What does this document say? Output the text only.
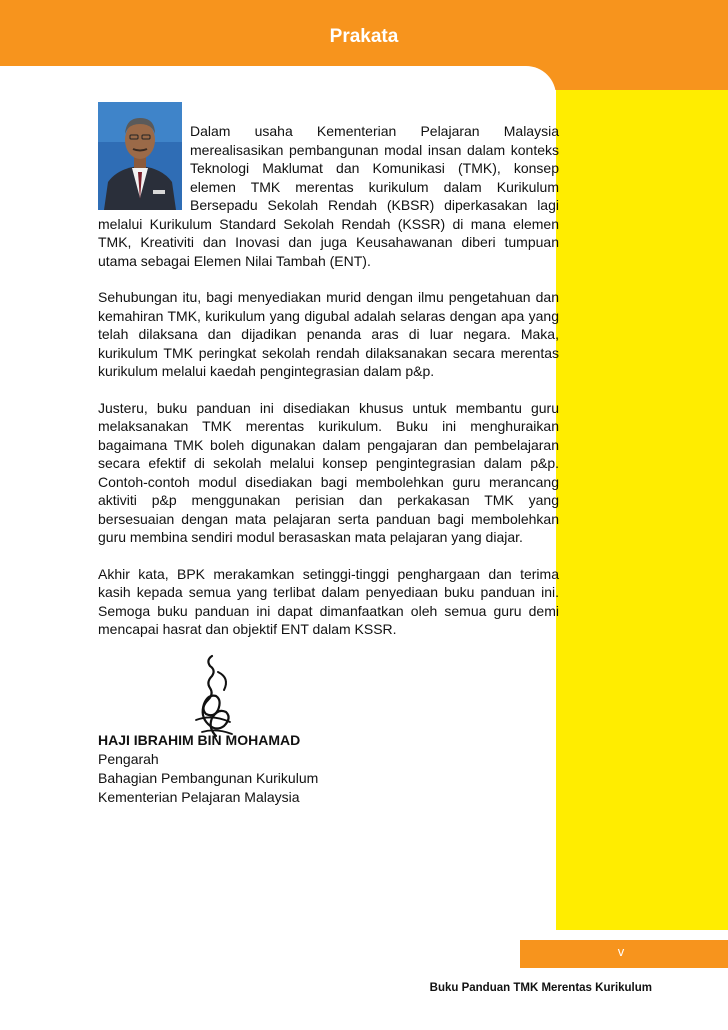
Prakata
v

Dalam usaha Kementerian Pelajaran Malaysia merealisasikan pembangunan modal insan dalam konteks Teknologi Maklumat dan Komunikasi (TMK), konsep elemen TMK merentas kurikulum dalam Kurikulum Bersepadu Sekolah Rendah (KBSR) diperkasakan lagi melalui Kurikulum Standard Sekolah Rendah (KSSR) di mana elemen TMK, Kreativiti dan Inovasi dan juga Keusahawanan diberi tumpuan utama sebagai Elemen Nilai Tambah (ENT).

Sehubungan itu, bagi menyediakan murid dengan ilmu pengetahuan dan kemahiran TMK, kurikulum yang digubal adalah selaras dengan apa yang telah dilaksana dan dijadikan penanda aras di luar negara. Maka, kurikulum TMK peringkat sekolah rendah dilaksanakan secara merentas kurikulum melalui kaedah pengintegrasian dalam p&p.

Justeru, buku panduan ini disediakan khusus untuk membantu guru melaksanakan TMK merentas kurikulum. Buku ini menghuraikan bagaimana TMK boleh digunakan dalam pengajaran dan pembelajaran secara efektif di sekolah melalui konsep pengintegrasian dalam p&p. Contoh-contoh modul disediakan bagi membolehkan guru merancang aktiviti p&p menggunakan perisian dan perkakasan TMK yang bersesuaian dengan mata pelajaran serta panduan bagi membolehkan guru membina sendiri modul berasaskan mata pelajaran yang diajar.

Akhir kata, BPK merakamkan setinggi-tinggi penghargaan dan terima kasih kepada semua yang terlibat dalam penyediaan buku panduan ini. Semoga buku panduan ini dapat dimanfaatkan oleh semua guru demi mencapai hasrat dan objektif ENT dalam KSSR.

HAJI IBRAHIM BIN MOHAMAD
Pengarah
Bahagian Pembangunan Kurikulum
Kementerian Pelajaran Malaysia
Buku Panduan TMK Merentas Kurikulum
